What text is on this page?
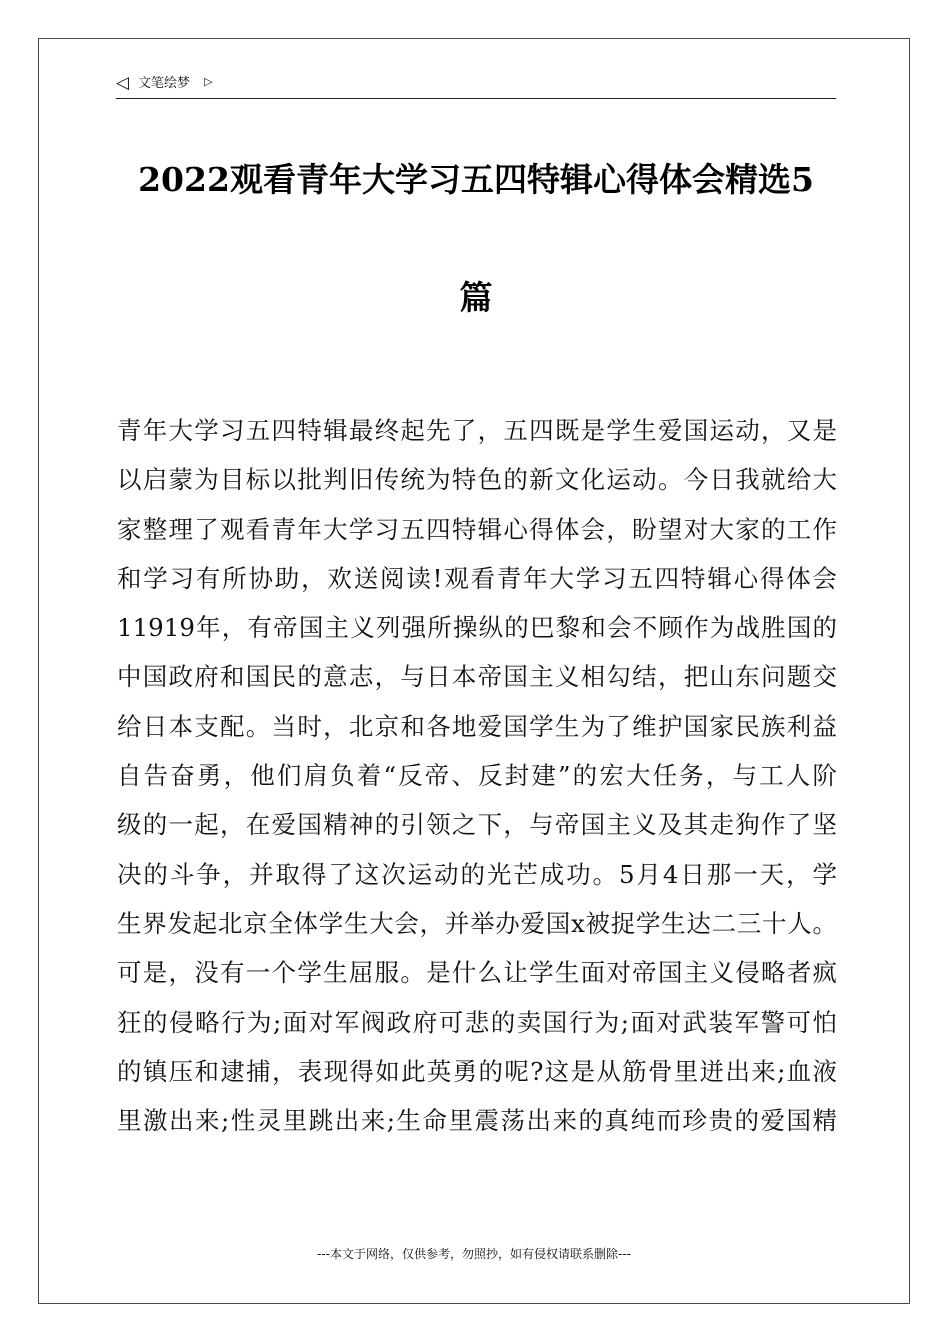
◁ 文笔绘梦 ▷
2022观看青年大学习五四特辑心得体会精选5
篇
青年大学习五四特辑最终起先了，五四既是学生爱国运动，又是
以启蒙为目标以批判旧传统为特色的新文化运动。今日我就给大
家整理了观看青年大学习五四特辑心得体会，盼望对大家的工作
和学习有所协助，欢送阅读!观看青年大学习五四特辑心得体会
11919年，有帝国主义列强所操纵的巴黎和会不顾作为战胜国的
中国政府和国民的意志，与日本帝国主义相勾结，把山东问题交
给日本支配。当时，北京和各地爱国学生为了维护国家民族利益
自告奋勇，他们肩负着“反帝、反封建”的宏大任务，与工人阶
级的一起，在爱国精神的引领之下，与帝国主义及其走狗作了坚
决的斗争，并取得了这次运动的光芒成功。5月4日那一天，学
生界发起北京全体学生大会，并举办爱国x被捉学生达二三十人。
可是，没有一个学生屈服。是什么让学生面对帝国主义侵略者疯
狂的侵略行为;面对军阀政府可悲的卖国行为;面对武装军警可怕
的镇压和逮捕，表现得如此英勇的呢?这是从筋骨里迸出来;血液
里激出来;性灵里跳出来;生命里震荡出来的真纯而珍贵的爱国精
---本文于网络，仅供参考，勿照抄，如有侵权请联系删除---
